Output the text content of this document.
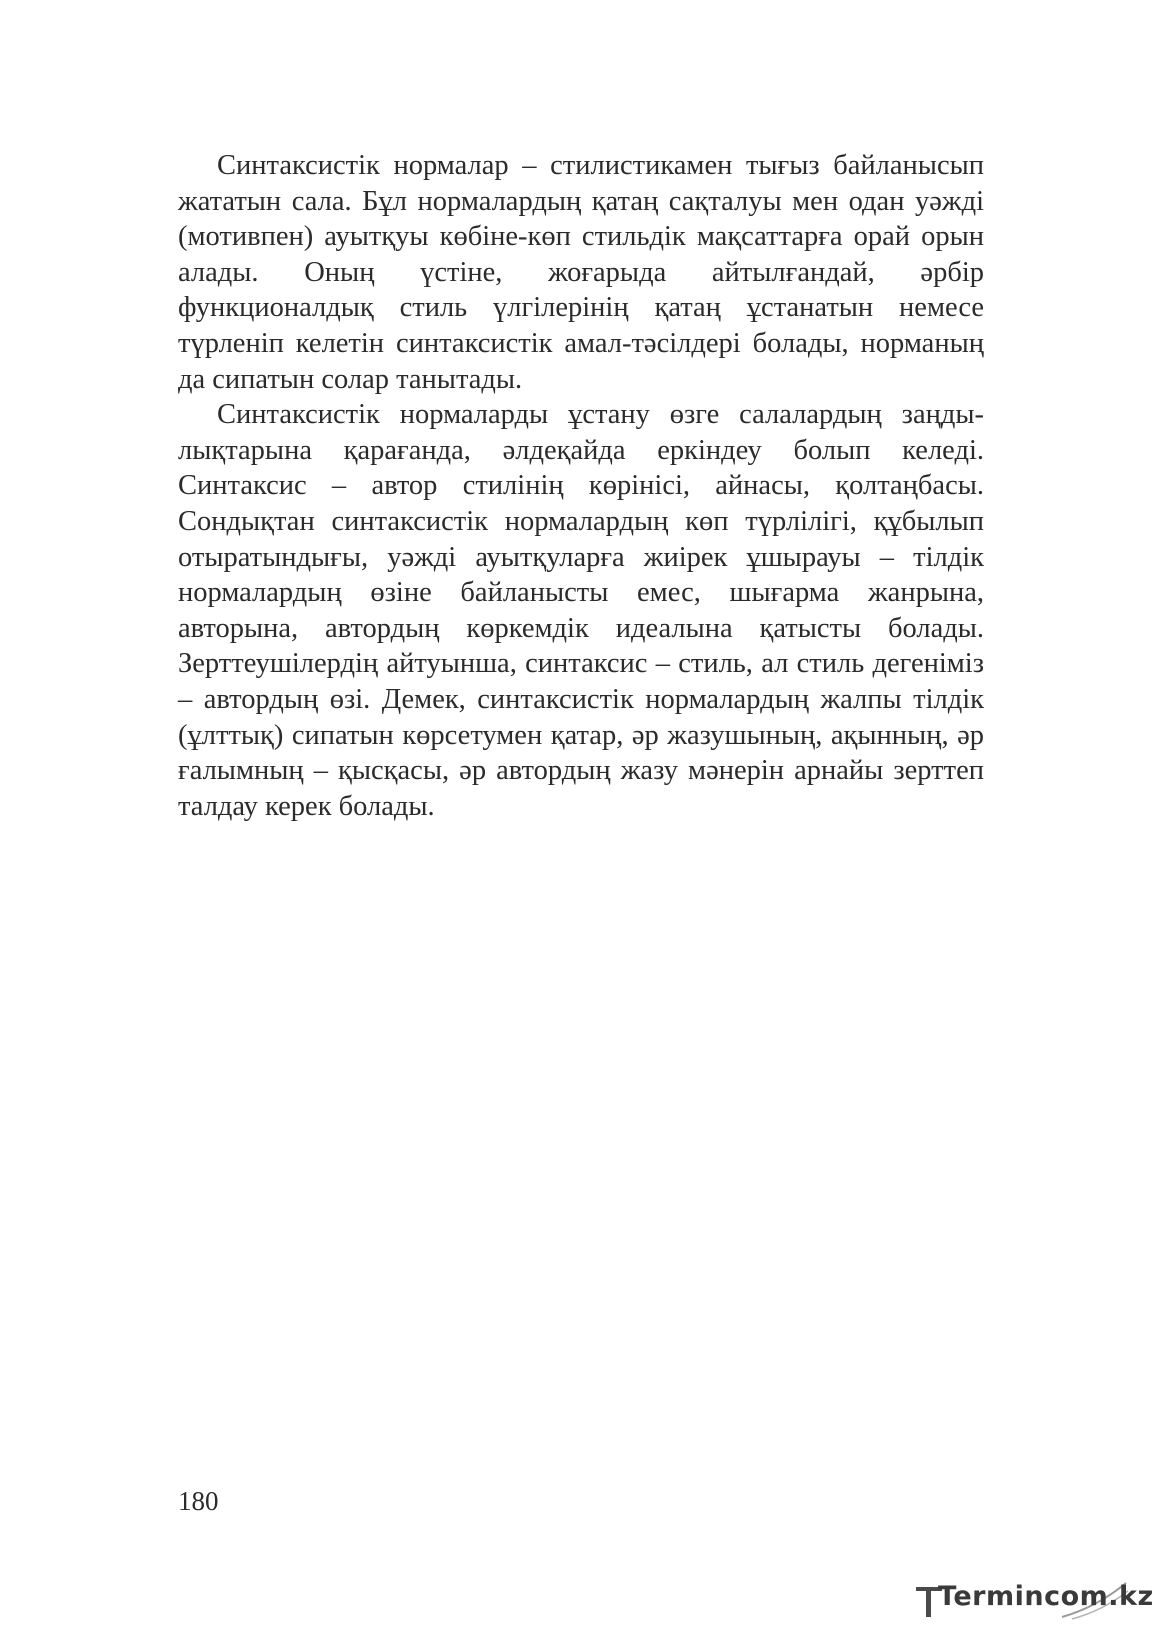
Синтаксистік нормалар – стилистикамен тығыз байланысып жататын сала. Бұл нормалардың қатаң сақталуы мен одан уәжді (мотивпен) ауытқуы көбіне-көп стильдік мақсаттарға орай орын алады. Оның үстіне, жоғарыда айтылғандай, әрбір функционалдық стиль үлгілерінің қатаң ұстанатын немесе түрленіп келетін синтаксистік амал-тәсілдері болады, норманың да сипатын солар танытады.

Синтаксистік нормаларды ұстану өзге салалардың заңдылықтарына қарағанда, әлдеқайда еркіндеу болып келеді. Синтаксис – автор стилінің көрінісі, айнасы, қолтаңбасы. Сондықтан синтаксистік нормалардың көп түрлілігі, құбылып отыратындығы, уәжді ауытқуларға жиірек ұшырауы – тілдік нормалардың өзіне байланысты емес, шығарма жанрына, авторына, автордың көркемдік идеалына қатысты болады. Зерттеушілердің айтуынша, синтаксис – стиль, ал стиль дегеніміз – автордың өзі. Демек, синтаксистік нормалардың жалпы тілдік (ұлттық) сипатын көрсетумен қатар, әр жазушының, ақынның, әр ғалымның – қысқасы, әр автордың жазу мәнерін арнайы зерттеп талдау керек болады.

180
Termincom.kz
